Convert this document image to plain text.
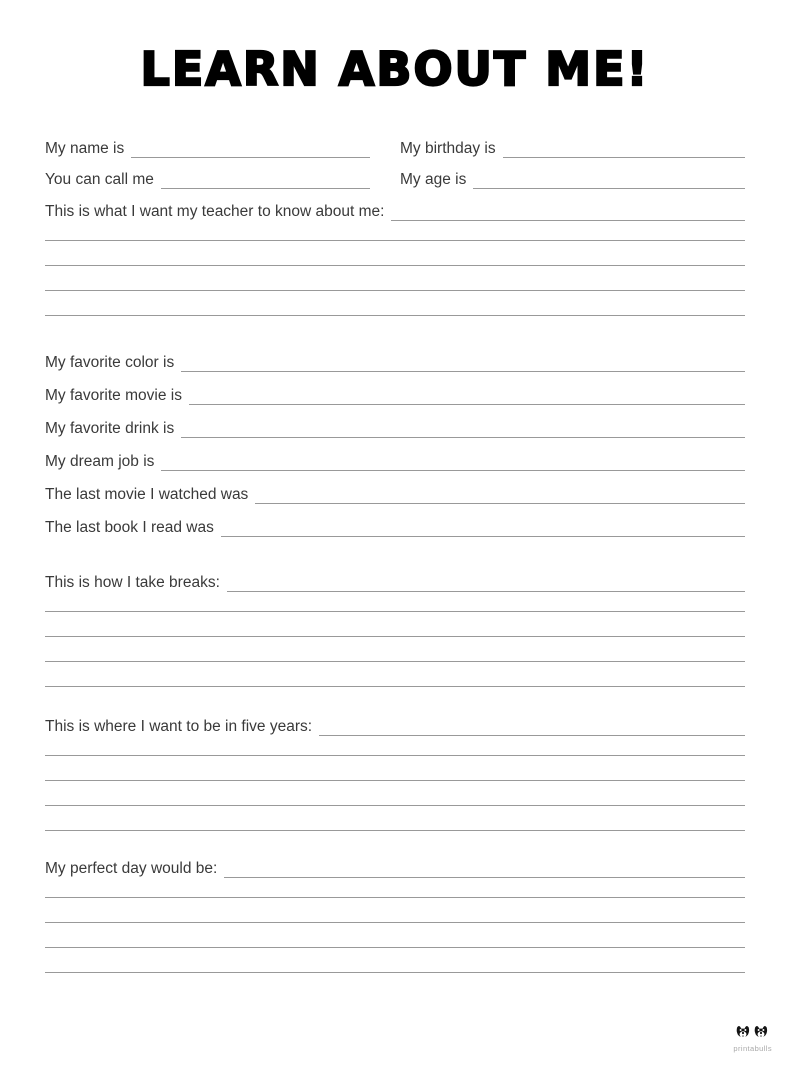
LEARN ABOUT ME!
My name is	My birthday is
You can call me	My age is
This is what I want my teacher to know about me:
My favorite color is
My favorite movie is
My favorite drink is
My dream job is
The last movie I watched was
The last book I read was
This is how I take breaks:
This is where I want to be in five years:
My perfect day would be:
printabulls
